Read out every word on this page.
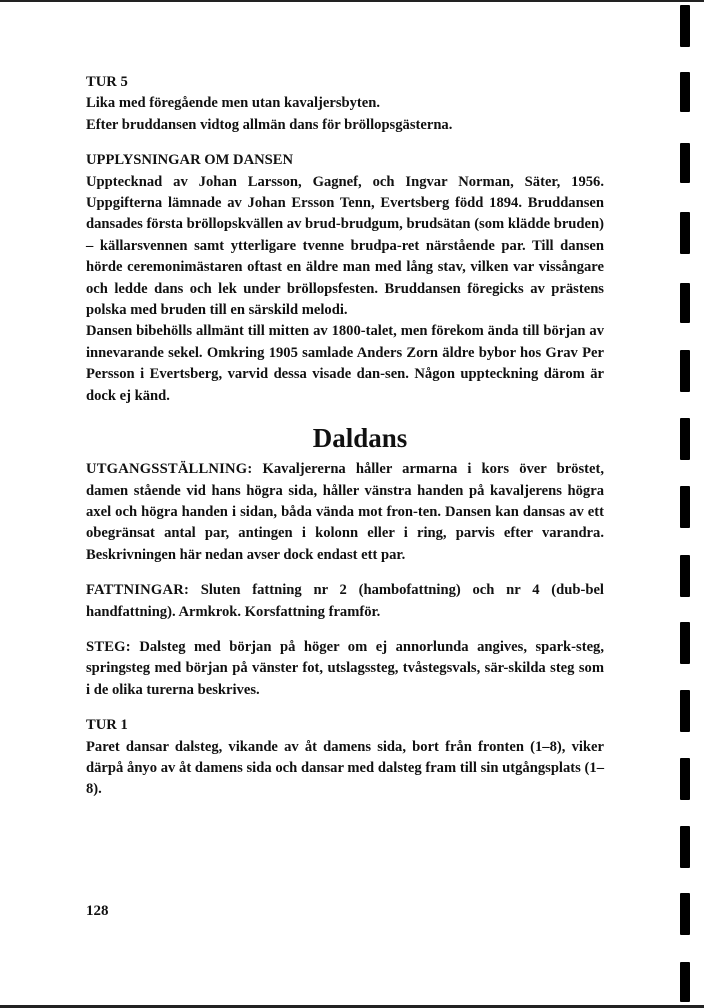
TUR 5
Lika med föregående men utan kavaljersbyten.
Efter bruddansen vidtog allmän dans för bröllopsgästerna.
UPPLYSNINGAR OM DANSEN

Upptecknad av Johan Larsson, Gagnef, och Ingvar Norman, Säter, 1956. Uppgifterna lämnade av Johan Ersson Tenn, Evertsberg född 1894. Bruddansen dansades första bröllopskvällen av brud-brudgum, brudsätan (som klädde bruden) – källarsvennen samt ytterligare tvenne brudpa-ret närstående par. Till dansen hörde ceremonimästaren oftast en äldre man med lång stav, vilken var vissångare och ledde dans och lek under bröllopsfesten. Bruddansen föregicks av prästens polska med bruden till en särskild melodi.

Dansen bibehölls allmänt till mitten av 1800-talet, men förekom ända till början av innevarande sekel. Omkring 1905 samlade Anders Zorn äldre bybor hos Grav Per Persson i Evertsberg, varvid dessa visade dan-sen. Någon uppteckning därom är dock ej känd.

Daldans

UTGANGSSTÄLLNING: Kavaljererna håller armarna i kors över bröstet, damen stående vid hans högra sida, håller vänstra handen på kavaljerens högra axel och högra handen i sidan, båda vända mot fron-ten. Dansen kan dansas av ett obegränsat antal par, antingen i kolonn eller i ring, parvis efter varandra. Beskrivningen här nedan avser dock endast ett par.

FATTNINGAR: Sluten fattning nr 2 (hambofattning) och nr 4 (dub-bel handfattning). Armkrok. Korsfattning framför.

STEG: Dalsteg med början på höger om ej annorlunda angives, spark-steg, springsteg med början på vänster fot, utslagssteg, tvåstegsvals, sär-skilda steg som i de olika turerna beskrives.

TUR 1

Paret dansar dalsteg, vikande av åt damens sida, bort från fronten (1–8), viker därpå ånyo av åt damens sida och dansar med dalsteg fram till sin utgångsplats (1–8).

128
